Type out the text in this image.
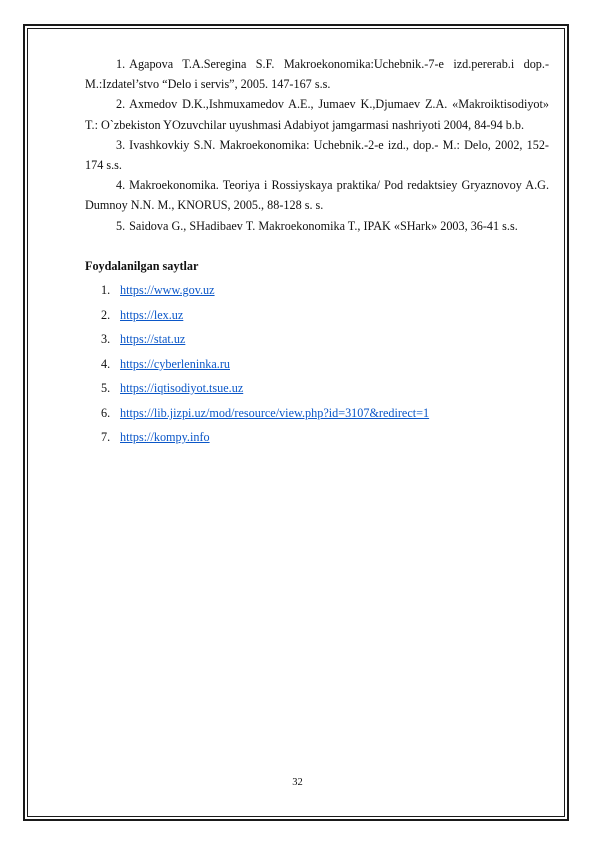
1. Agapova T.A.Seregina S.F. Makroekonomika:Uchebnik.-7-e izd.pererab.i dop.-M.:Izdatel’stvo “Delo i servis”, 2005. 147-167 s.s.

2. Axmedov D.K.,Ishmuxamedov A.E., Jumaev K.,Djumaev Z.A. «Makroiktisodiyot» T.: O`zbekiston YOzuvchilar uyushmasi Adabiyot jamgarmasi nashriyoti 2004, 84-94 b.b.

3. Ivashkovkiy S.N. Makroekonomika: Uchebnik.-2-e izd., dop.- M.: Delo, 2002, 152-174 s.s.

4. Makroekonomika. Teoriya i Rossiyskaya praktika/ Pod redaktsiey Gryaznovoy A.G. Dumnoy N.N. M., KNORUS, 2005., 88-128 s. s.

5. Saidova G., SHadibaev T. Makroekonomika T., IPAK «SHark» 2003, 36-41 s.s.

Foydalanilgan saytlar
1. https://www.gov.uz
2. https://lex.uz
3. https://stat.uz
4. https://cyberleninka.ru
5. https://iqtisodiyot.tsue.uz
6. https://lib.jizpi.uz/mod/resource/view.php?id=3107&redirect=1
7. https://kompy.info
32
